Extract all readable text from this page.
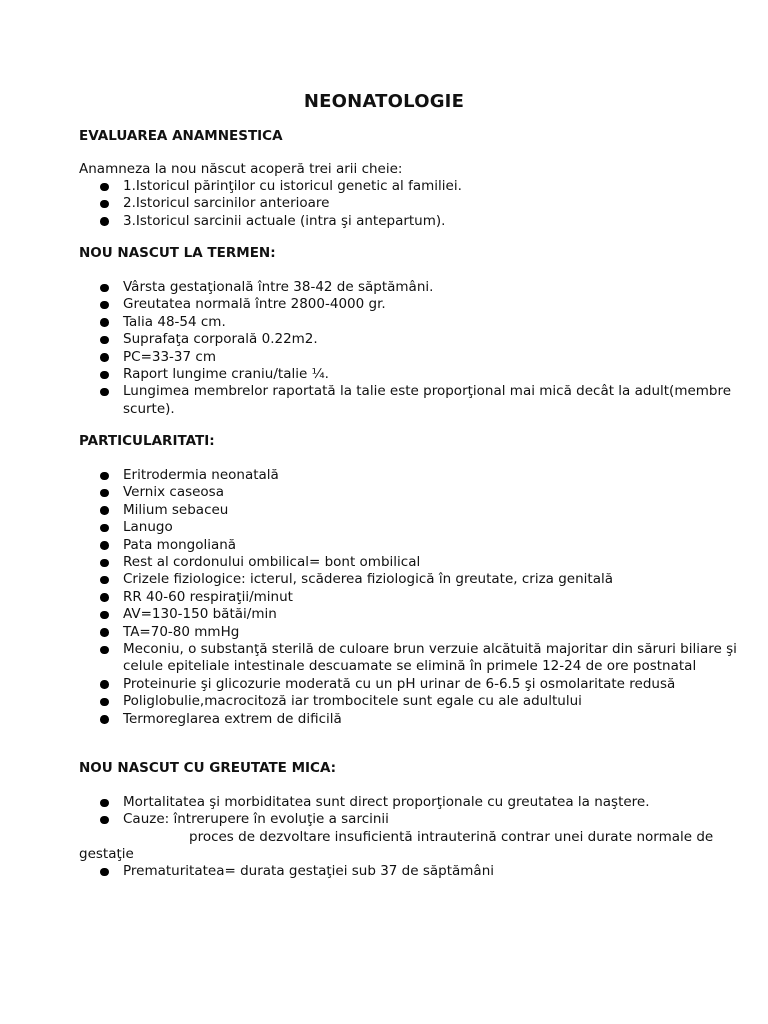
NEONATOLOGIE
EVALUAREA ANAMNESTICA
Anamneza la nou născut acoperă trei arii cheie:
1.Istoricul părinţilor cu istoricul genetic al familiei.
2.Istoricul sarcinilor anterioare
3.Istoricul sarcinii actuale (intra şi antepartum).
NOU NASCUT LA TERMEN:
Vârsta gestaţională între 38-42 de săptămâni.
Greutatea normală între 2800-4000 gr.
Talia 48-54 cm.
Suprafaţa corporală 0.22m2.
PC=33-37 cm
Raport lungime craniu/talie ¼.
Lungimea membrelor raportată la talie este proporţional mai mică decât la adult(membre scurte).
PARTICULARITATI:
Eritrodermia neonatală
Vernix caseosa
Milium sebaceu
Lanugo
Pata mongoliană
Rest al cordonului ombilical= bont ombilical
Crizele fiziologice: icterul, scăderea fiziologică în greutate, criza genitală
RR 40-60 respiraţii/minut
AV=130-150 bătăi/min
TA=70-80 mmHg
Meconiu, o substanţă sterilă de culoare brun verzuie alcătuită majoritar din săruri biliare şi celule epiteliale intestinale descuamate se elimină în primele 12-24 de ore postnatal
Proteinurie şi glicozurie moderată cu un pH urinar de 6-6.5 şi osmolaritate redusă
Poliglobulie,macrocitoză iar trombocitele sunt egale cu ale adultului
Termoreglarea extrem de dificilă
NOU NASCUT CU GREUTATE MICA:
Mortalitatea şi morbiditatea sunt direct proporţionale cu greutatea la naştere.
Cauze: întrerupere în evoluţie a sarcinii
proces de dezvoltare insuficientă intrauterină contrar unei durate normale de
gestaţie
Prematuritatea= durata gestaţiei sub 37 de săptămâni
